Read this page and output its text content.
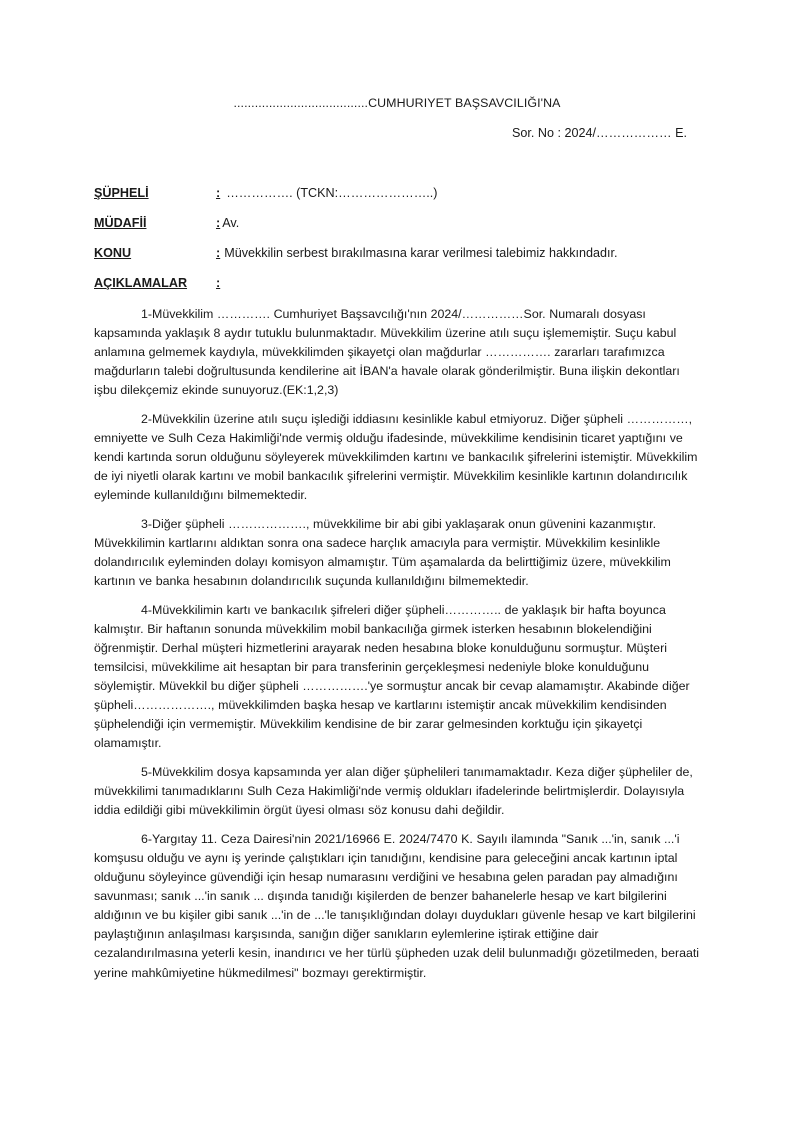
......................................CUMHURIYET BAŞSAVCILIĞI'NA
Sor. No : 2024/……………… E.
ŞÜPHELİ	: ……………. (TCKN:…………………..)
MÜDAFİİ	: Av.
KONU	: Müvekkilin serbest bırakılmasına karar verilmesi talebimiz hakkındadır.
AÇIKLAMALAR :

1-Müvekkilim …………. Cumhuriyet Başsavcılığı'nın 2024/……………Sor. Numaralı dosyası kapsamında yaklaşık 8 aydır tutuklu bulunmaktadır. Müvekkilim üzerine atılı suçu işlememiştir. Suçu kabul anlamına gelmemek kaydıyla, müvekkilimden şikayetçi olan mağdurlar ……………. zararları tarafımızca mağdurların talebi doğrultusunda kendilerine ait İBAN'a havale olarak gönderilmiştir. Buna ilişkin dekontları işbu dilekçemiz ekinde sunuyoruz.(EK:1,2,3)

2-Müvekkilin üzerine atılı suçu işlediği iddiasını kesinlikle kabul etmiyoruz. Diğer şüpheli ……………, emniyette ve Sulh Ceza Hakimliği'nde vermiş olduğu ifadesinde, müvekkilime kendisinin ticaret yaptığını ve kendi kartında sorun olduğunu söyleyerek müvekkilimden kartını ve bankacılık şifrelerini istemiştir. Müvekkilim de iyi niyetli olarak kartını ve mobil bankacılık şifrelerini vermiştir. Müvekkilim kesinlikle kartının dolandırıcılık eyleminde kullanıldığını bilmemektedir.

3-Diğer şüpheli ………………., müvekkilime bir abi gibi yaklaşarak onun güvenini kazanmıştır. Müvekkilimin kartlarını aldıktan sonra ona sadece harçlık amacıyla para vermiştir. Müvekkilim kesinlikle dolandırıcılık eyleminden dolayı komisyon almamıştır. Tüm aşamalarda da belirttiğimiz üzere, müvekkilim kartının ve banka hesabının dolandırıcılık suçunda kullanıldığını bilmemektedir.

4-Müvekkilimin kartı ve bankacılık şifreleri diğer şüpheli………….. de yaklaşık bir hafta boyunca kalmıştır. Bir haftanın sonunda müvekkilim mobil bankacılığa girmek isterken hesabının blokelendiğini öğrenmiştir. Derhal müşteri hizmetlerini arayarak neden hesabına bloke konulduğunu sormuştur. Müşteri temsilcisi, müvekkilime ait hesaptan bir para transferinin gerçekleşmesi nedeniyle bloke konulduğunu söylemiştir. Müvekkil bu diğer şüpheli …………….'ye sormuştur ancak bir cevap alamamıştır. Akabinde diğer şüpheli………………., müvekkilimden başka hesap ve kartlarını istemiştir ancak müvekkilim kendisinden şüphelendiği için vermemiştir. Müvekkilim kendisine de bir zarar gelmesinden korktuğu için şikayetçi olamamıştır.

5-Müvekkilim dosya kapsamında yer alan diğer şüphelileri tanımamaktadır. Keza diğer şüpheliler de, müvekkilimi tanımadıklarını Sulh Ceza Hakimliği'nde vermiş oldukları ifadelerinde belirtmişlerdir. Dolayısıyla iddia edildiği gibi müvekkilimin örgüt üyesi olması söz konusu dahi değildir.

6-Yargıtay 11. Ceza Dairesi'nin 2021/16966 E. 2024/7470 K. Sayılı ilamında "Sanık ...'in, sanık ...'i komşusu olduğu ve aynı iş yerinde çalıştıkları için tanıdığını, kendisine para geleceğini ancak kartının iptal olduğunu söyleyince güvendiği için hesap numarasını verdiğini ve hesabına gelen paradan pay almadığını savunması; sanık ...'in sanık ... dışında tanıdığı kişilerden de benzer bahanelerle hesap ve kart bilgilerini aldığının ve bu kişiler gibi sanık ...'in de ...'le tanışıklığından dolayı duydukları güvenle hesap ve kart bilgilerini paylaştığının anlaşılması karşısında, sanığın diğer sanıkların eylemlerine iştirak ettiğine dair cezalandırılmasına yeterli kesin, inandırıcı ve her türlü şüpheden uzak delil bulunmadığı gözetilmeden, beraati yerine mahkûmiyetine hükmedilmesi" bozmayı gerektirmiştir.
